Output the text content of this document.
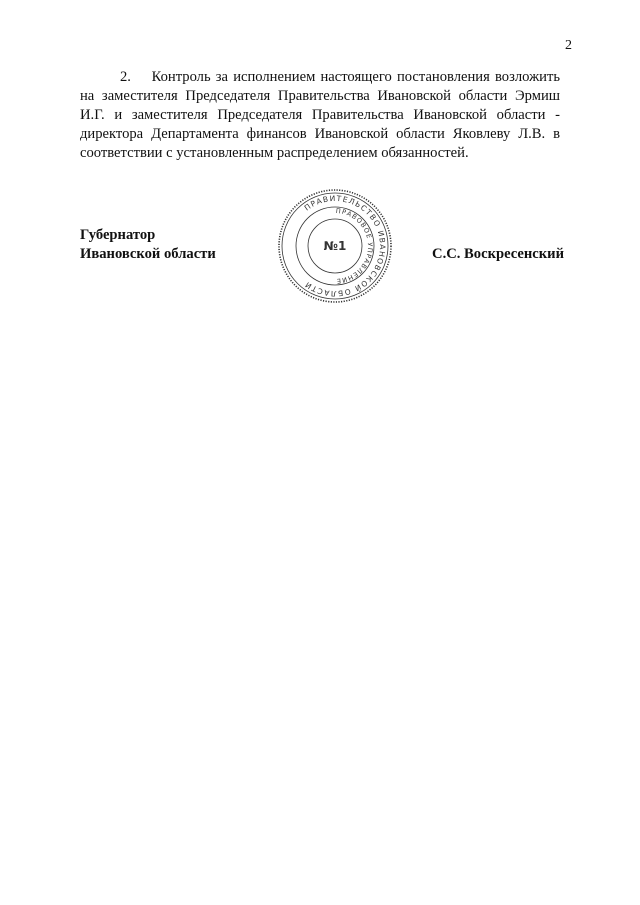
2

2.    Контроль за исполнением настоящего постановления возложить на заместителя Председателя Правительства Ивановской области Эрмиш И.Г. и заместителя Председателя Правительства Ивановской области - директора Департамента финансов Ивановской области Яковлеву Л.В. в соответствии с установленным распределением обязанностей.

Губернатор
Ивановской области	С.С. Воскресенский
ПРАВИТЕЛЬСТВО ИВАНОВСКОЙ ОБЛАСТИ
ПРАВОВОЕ УПРАВЛЕНИЕ
№1
